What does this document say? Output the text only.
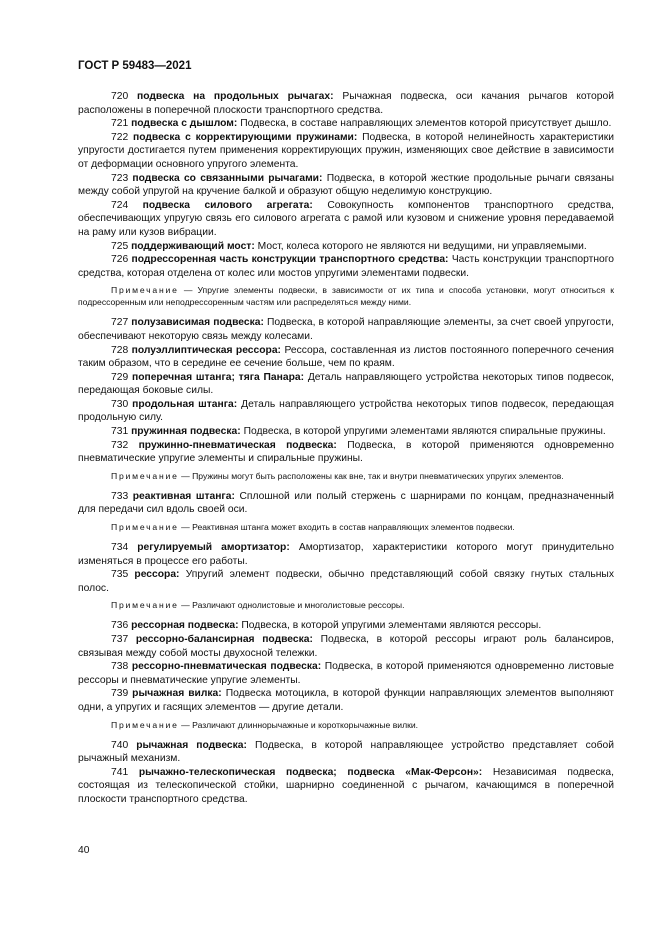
ГОСТ Р 59483—2021

720 подвеска на продольных рычагах: Рычажная подвеска, оси качания рычагов которой расположены в поперечной плоскости транспортного средства.

721 подвеска с дышлом: Подвеска, в составе направляющих элементов которой присутствует дышло.

722 подвеска с корректирующими пружинами: Подвеска, в которой нелинейность характеристики упругости достигается путем применения корректирующих пружин, изменяющих свое действие в зависимости от деформации основного упругого элемента.

723 подвеска со связанными рычагами: Подвеска, в которой жесткие продольные рычаги связаны между собой упругой на кручение балкой и образуют общую неделимую конструкцию.

724 подвеска силового агрегата: Совокупность компонентов транспортного средства, обеспечивающих упругую связь его силового агрегата с рамой или кузовом и снижение уровня передаваемой на раму или кузов вибрации.

725 поддерживающий мост: Мост, колеса которого не являются ни ведущими, ни управляемыми.

726 подрессоренная часть конструкции транспортного средства: Часть конструкции транспортного средства, которая отделена от колес или мостов упругими элементами подвески.

Примечание — Упругие элементы подвески, в зависимости от их типа и способа установки, могут относиться к подрессоренным или неподрессоренным частям или распределяться между ними.

727 полузависимая подвеска: Подвеска, в которой направляющие элементы, за счет своей упругости, обеспечивают некоторую связь между колесами.

728 полуэллиптическая рессора: Рессора, составленная из листов постоянного поперечного сечения таким образом, что в середине ее сечение больше, чем по краям.

729 поперечная штанга; тяга Панара: Деталь направляющего устройства некоторых типов подвесок, передающая боковые силы.

730 продольная штанга: Деталь направляющего устройства некоторых типов подвесок, передающая продольную силу.

731 пружинная подвеска: Подвеска, в которой упругими элементами являются спиральные пружины.

732 пружинно-пневматическая подвеска: Подвеска, в которой применяются одновременно пневматические упругие элементы и спиральные пружины.

Примечание — Пружины могут быть расположены как вне, так и внутри пневматических упругих элементов.

733 реактивная штанга: Сплошной или полый стержень с шарнирами по концам, предназначенный для передачи сил вдоль своей оси.

Примечание — Реактивная штанга может входить в состав направляющих элементов подвески.

734 регулируемый амортизатор: Амортизатор, характеристики которого могут принудительно изменяться в процессе его работы.

735 рессора: Упругий элемент подвески, обычно представляющий собой связку гнутых стальных полос.

Примечание — Различают однолистовые и многолистовые рессоры.

736 рессорная подвеска: Подвеска, в которой упругими элементами являются рессоры.

737 рессорно-балансирная подвеска: Подвеска, в которой рессоры играют роль балансиров, связывая между собой мосты двухосной тележки.

738 рессорно-пневматическая подвеска: Подвеска, в которой применяются одновременно листовые рессоры и пневматические упругие элементы.

739 рычажная вилка: Подвеска мотоцикла, в которой функции направляющих элементов выполняют одни, а упругих и гасящих элементов — другие детали.

Примечание — Различают длиннорычажные и короткорычажные вилки.

740 рычажная подвеска: Подвеска, в которой направляющее устройство представляет собой рычажный механизм.

741 рычажно-телескопическая подвеска; подвеска «Мак-Ферсон»: Независимая подвеска, состоящая из телескопической стойки, шарнирно соединенной с рычагом, качающимся в поперечной плоскости транспортного средства.

40
